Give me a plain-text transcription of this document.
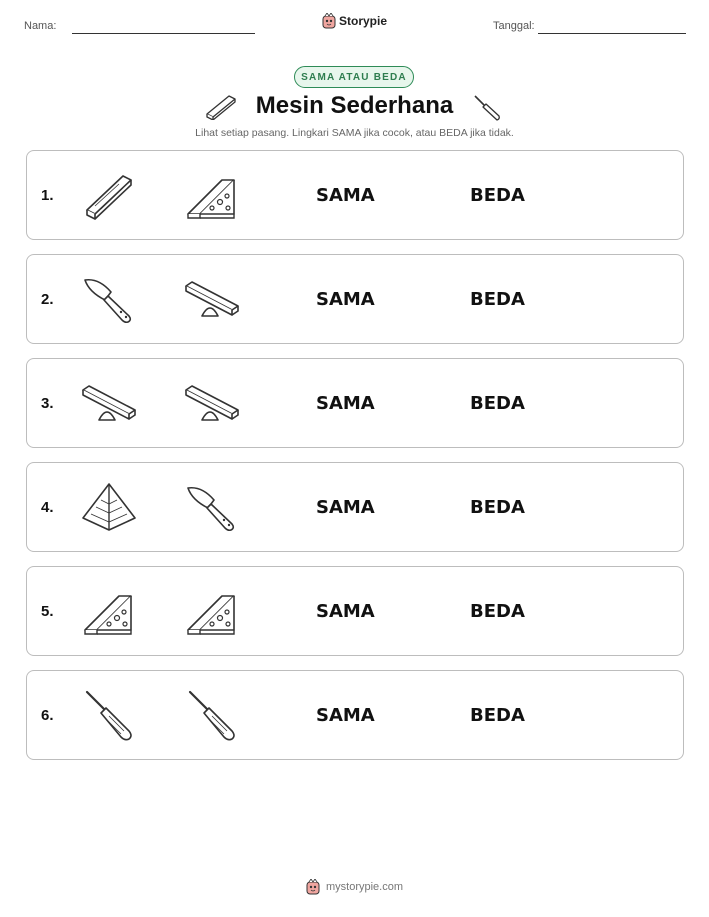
Nama:	Storypie	Tanggal:
SAMA ATAU BEDA
Mesin Sederhana
Lihat setiap pasang. Lingkari SAMA jika cocok, atau BEDA jika tidak.
1.	SAMA	BEDA
2.	SAMA	BEDA
3.	SAMA	BEDA
4.	SAMA	BEDA
5.	SAMA	BEDA
6.	SAMA	BEDA
mystorypie.com
